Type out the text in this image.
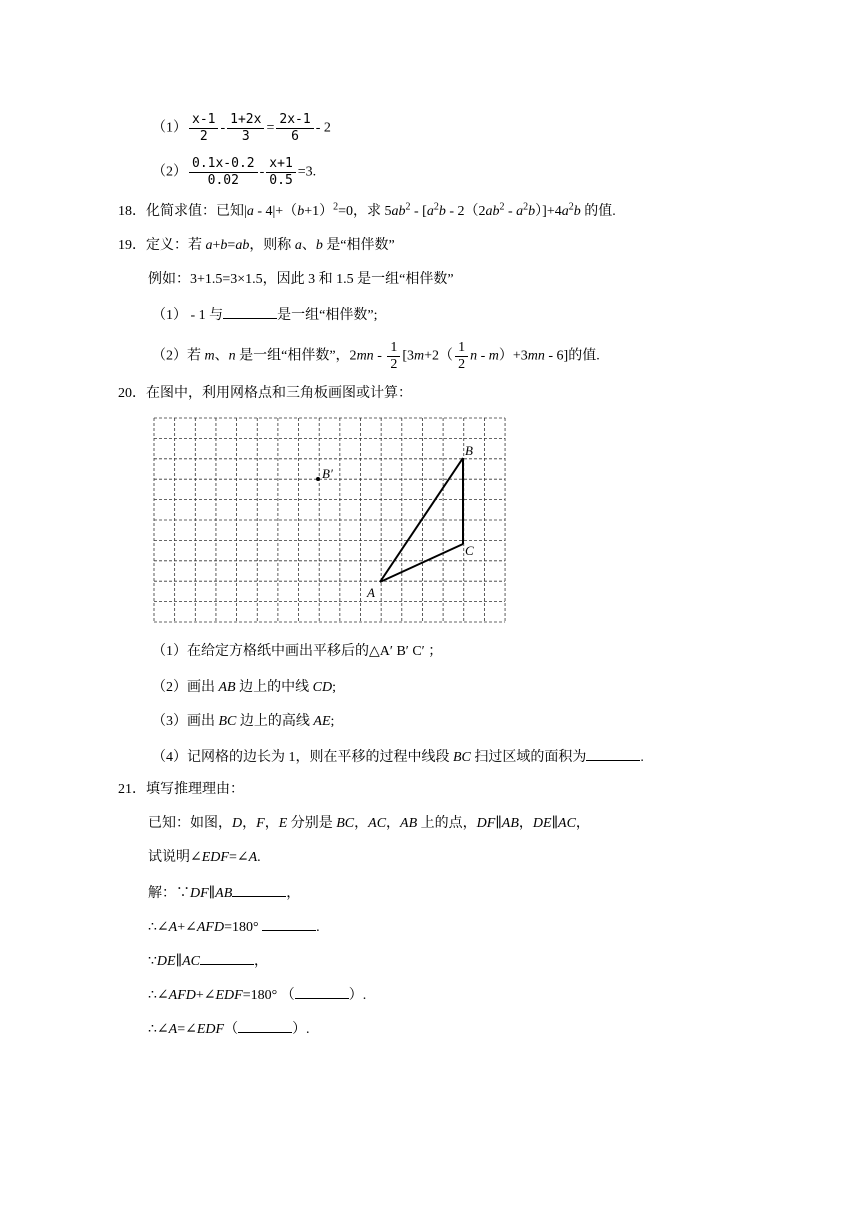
$(1) \frac{x-1}{2} - \frac{1+2x}{3} = \frac{2x-1}{6} - 2$
$(2) \frac{0.1x-0.2}{0.02} - \frac{x+1}{0.5} =3$.
18．化简求值：已知$|a - 4|+(b+1)^2=0$，求 $5ab^2 - [a^2b - 2(2ab^2 - a^2b)]+4a^2b$ 的值.
19．定义：若 a+b=ab，则称 a、b 是“相伴数”
例如：3+1.5=3×1.5，因此 3 和 1.5 是一组“相伴数”
（1） - 1 与	是一组“相伴数”;
（2）若 m、n 是一组“相伴数”，$2mn - \frac{1}{2} [3m+2( \frac{1}{2}$ n - m）+3mn - 6]的值.
20．在图中，利用网格点和三角板画图或计算：
B′
B
C
A
（1）在给定方格纸中画出平移后的△A′ B′ C′ ；
（2）画出 AB 边上的中线 CD;
（3）画出 BC 边上的高线 AE;
（4）记网格的边长为 1，则在平移的过程中线段 BC 扫过区域的面积为	.
21．填写推理理由：
已知：如图，D，F，E 分别是 BC，AC，AB 上的点，DF∥AB，DE∥AC，
试说明∠EDF=∠A.
解：∵DF∥AB	，
∴∠A+∠AFD=180°	.
∵DE∥AC	，
∴∠AFD+∠EDF=180° （	）.
∴∠A=∠EDF（	）.
